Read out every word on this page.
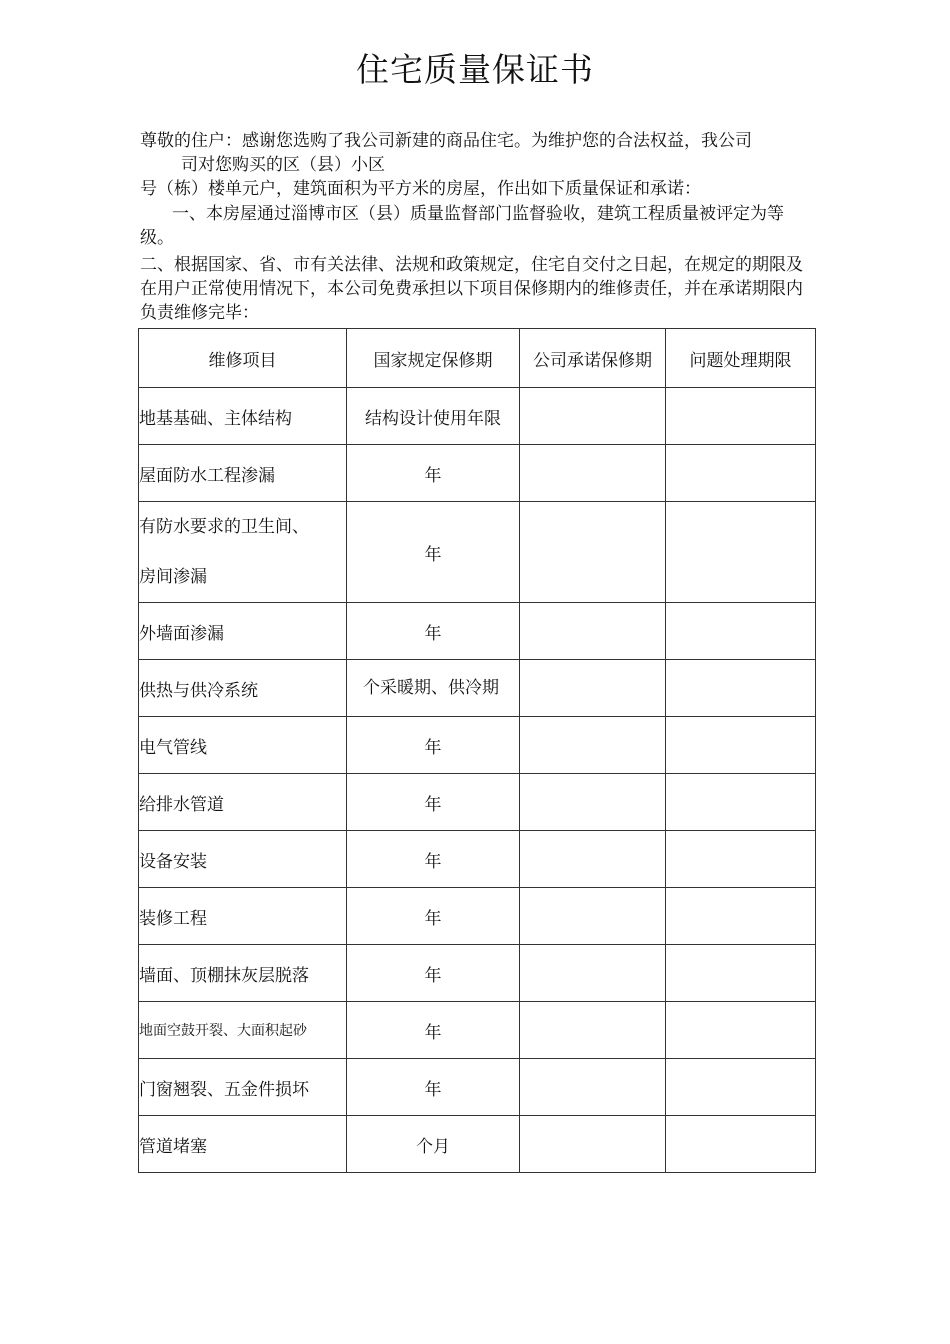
住宅质量保证书

尊敬的住户：感谢您选购了我公司新建的商品住宅。为维护您的合法权益，我公司

司对您购买的区（县）小区

号（栋）楼单元户，建筑面积为平方米的房屋，作出如下质量保证和承诺：

一、本房屋通过淄博市区（县）质量监督部门监督验收，建筑工程质量被评定为等级。

二、根据国家、省、市有关法律、法规和政策规定，住宅自交付之日起，在规定的期限及在用户正常使用情况下，本公司免费承担以下项目保修期内的维修责任，并在承诺期限内负责维修完毕：

维修项目	国家规定保修期	公司承诺保修期	问题处理期限
地基基础、主体结构	结构设计使用年限		
屋面防水工程渗漏	年		
有防水要求的卫生间、
房间渗漏	年		
外墙面渗漏	年		
供热与供冷系统	个采暖期、供冷期		
电气管线	年		
给排水管道	年		
设备安装	年		
装修工程	年		
墙面、顶棚抹灰层脱落	年		
地面空鼓开裂、大面积起砂	年		
门窗翘裂、五金件损坏	年		
管道堵塞	个月		
